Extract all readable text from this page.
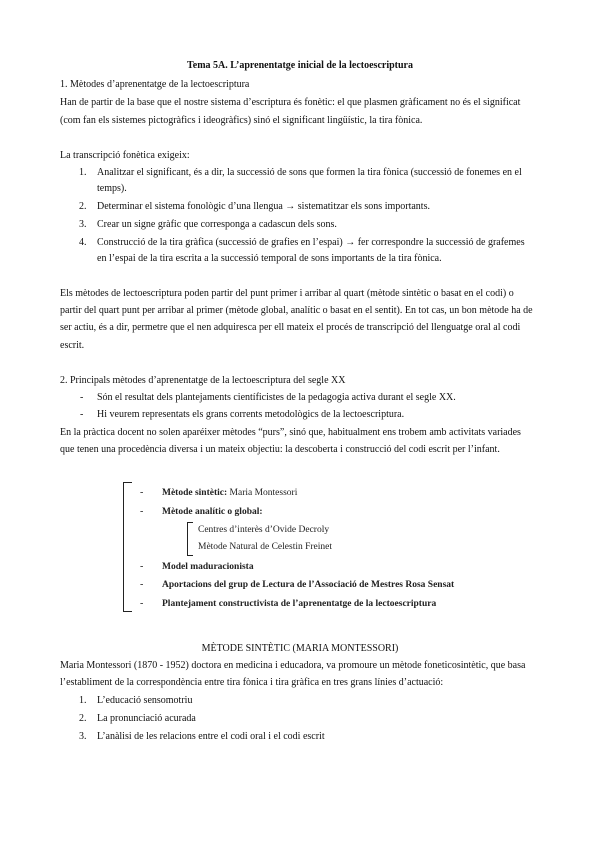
Tema 5A. L’aprenentatge inicial de la lectoescriptura
1. Mètodes d’aprenentatge de la lectoescriptura
Han de partir de la base que el nostre sistema d’escriptura és fonètic: el que plasmen gràficament no és el significat
(com fan els sistemes pictogràfics i ideogràfics) sinó el significant lingüístic, la tira fònica.
La transcripció fonètica exigeix:
1. Analitzar el significant, és a dir, la successió de sons que formen la tira fònica (successió de fonemes en el
temps).
2. Determinar el sistema fonològic d’una llengua → sistematitzar els sons importants.
3. Crear un signe gràfic que correspongа a cadascun dels sons.
4. Construcció de la tira gràfica (successió de grafies en l’espai) → fer correspondre la successió de grafemes
en l’espai de la tira escrita a la successió temporal de sons importants de la tira fònica.
Els mètodes de lectoescriptura poden partir del punt primer i arribar al quart (mètode sintètic o basat en el codi) o
partir del quart punt per arribar al primer (mètode global, analític o basat en el sentit). En tot cas, un bon mètode ha de
ser actiu, és a dir, permetre que el nen adquiresca per ell mateix el procés de transcripció del llenguatge oral al codi
escrit.
2. Principals mètodes d’aprenentatge de la lectoescriptura del segle XX
- Són el resultat dels plantejaments científicistes de la pedagogia activa durant el segle XX.
- Hi veurem representats els grans corrents metodològics de la lectoescriptura.
En la pràctica docent no solen aparéixer mètodes “purs”, sinó que, habitualment ens trobem amb activitats variades
que tenen una procedència diversa i un mateix objectiu: la descoberta i construcció del codi escrit per l’infant.
- Mètode sintètic: Maria Montessori
- Mètode analític o global:
Centres d’interès d’Ovide Decroly
Mètode Natural de Celestin Freinet
- Model maduracionista
- Aportacions del grup de Lectura de l’Associació de Mestres Rosa Sensat
- Plantejament constructivista de l’aprenentatge de la lectoescriptura
MÈTODE SINTÈTIC (MARIA MONTESSORI)
Maria Montessori (1870 - 1952) doctora en medicina i educadora, va promoure un mètode foneticosintètic, que basa
l’establiment de la correspondència entre tira fònica i tira gràfica en tres grans línies d’actuació:
1. L’educació sensomotriu
2. La pronunciació acurada
3. L’anàlisi de les relacions entre el codi oral i el codi escrit
